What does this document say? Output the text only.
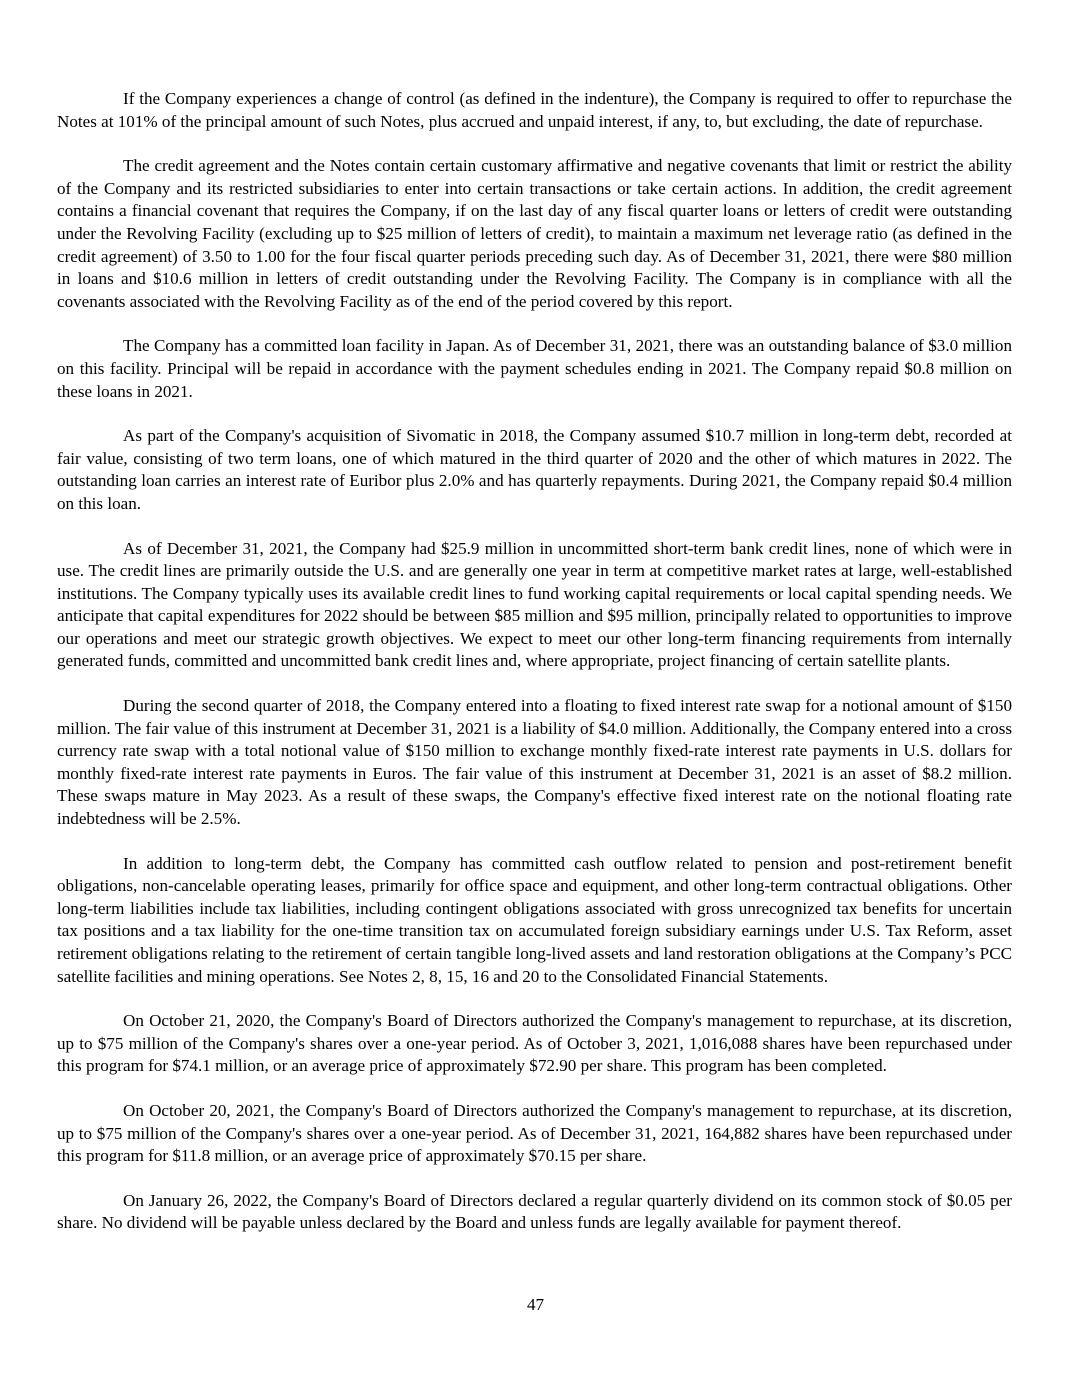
If the Company experiences a change of control (as defined in the indenture), the Company is required to offer to repurchase the Notes at 101% of the principal amount of such Notes, plus accrued and unpaid interest, if any, to, but excluding, the date of repurchase.

The credit agreement and the Notes contain certain customary affirmative and negative covenants that limit or restrict the ability of the Company and its restricted subsidiaries to enter into certain transactions or take certain actions. In addition, the credit agreement contains a financial covenant that requires the Company, if on the last day of any fiscal quarter loans or letters of credit were outstanding under the Revolving Facility (excluding up to $25 million of letters of credit), to maintain a maximum net leverage ratio (as defined in the credit agreement) of 3.50 to 1.00 for the four fiscal quarter periods preceding such day. As of December 31, 2021, there were $80 million in loans and $10.6 million in letters of credit outstanding under the Revolving Facility. The Company is in compliance with all the covenants associated with the Revolving Facility as of the end of the period covered by this report.

The Company has a committed loan facility in Japan. As of December 31, 2021, there was an outstanding balance of $3.0 million on this facility. Principal will be repaid in accordance with the payment schedules ending in 2021. The Company repaid $0.8 million on these loans in 2021.

As part of the Company's acquisition of Sivomatic in 2018, the Company assumed $10.7 million in long-term debt, recorded at fair value, consisting of two term loans, one of which matured in the third quarter of 2020 and the other of which matures in 2022. The outstanding loan carries an interest rate of Euribor plus 2.0% and has quarterly repayments. During 2021, the Company repaid $0.4 million on this loan.

As of December 31, 2021, the Company had $25.9 million in uncommitted short-term bank credit lines, none of which were in use. The credit lines are primarily outside the U.S. and are generally one year in term at competitive market rates at large, well-established institutions. The Company typically uses its available credit lines to fund working capital requirements or local capital spending needs. We anticipate that capital expenditures for 2022 should be between $85 million and $95 million, principally related to opportunities to improve our operations and meet our strategic growth objectives. We expect to meet our other long-term financing requirements from internally generated funds, committed and uncommitted bank credit lines and, where appropriate, project financing of certain satellite plants.

During the second quarter of 2018, the Company entered into a floating to fixed interest rate swap for a notional amount of $150 million. The fair value of this instrument at December 31, 2021 is a liability of $4.0 million. Additionally, the Company entered into a cross currency rate swap with a total notional value of $150 million to exchange monthly fixed-rate interest rate payments in U.S. dollars for monthly fixed-rate interest rate payments in Euros. The fair value of this instrument at December 31, 2021 is an asset of $8.2 million. These swaps mature in May 2023. As a result of these swaps, the Company's effective fixed interest rate on the notional floating rate indebtedness will be 2.5%.

In addition to long-term debt, the Company has committed cash outflow related to pension and post-retirement benefit obligations, non-cancelable operating leases, primarily for office space and equipment, and other long-term contractual obligations. Other long-term liabilities include tax liabilities, including contingent obligations associated with gross unrecognized tax benefits for uncertain tax positions and a tax liability for the one-time transition tax on accumulated foreign subsidiary earnings under U.S. Tax Reform, asset retirement obligations relating to the retirement of certain tangible long-lived assets and land restoration obligations at the Company’s PCC satellite facilities and mining operations. See Notes 2, 8, 15, 16 and 20 to the Consolidated Financial Statements.

On October 21, 2020, the Company's Board of Directors authorized the Company's management to repurchase, at its discretion, up to $75 million of the Company's shares over a one-year period. As of October 3, 2021, 1,016,088 shares have been repurchased under this program for $74.1 million, or an average price of approximately $72.90 per share. This program has been completed.

On October 20, 2021, the Company's Board of Directors authorized the Company's management to repurchase, at its discretion, up to $75 million of the Company's shares over a one-year period. As of December 31, 2021, 164,882 shares have been repurchased under this program for $11.8 million, or an average price of approximately $70.15 per share.

On January 26, 2022, the Company's Board of Directors declared a regular quarterly dividend on its common stock of $0.05 per share. No dividend will be payable unless declared by the Board and unless funds are legally available for payment thereof.

47
